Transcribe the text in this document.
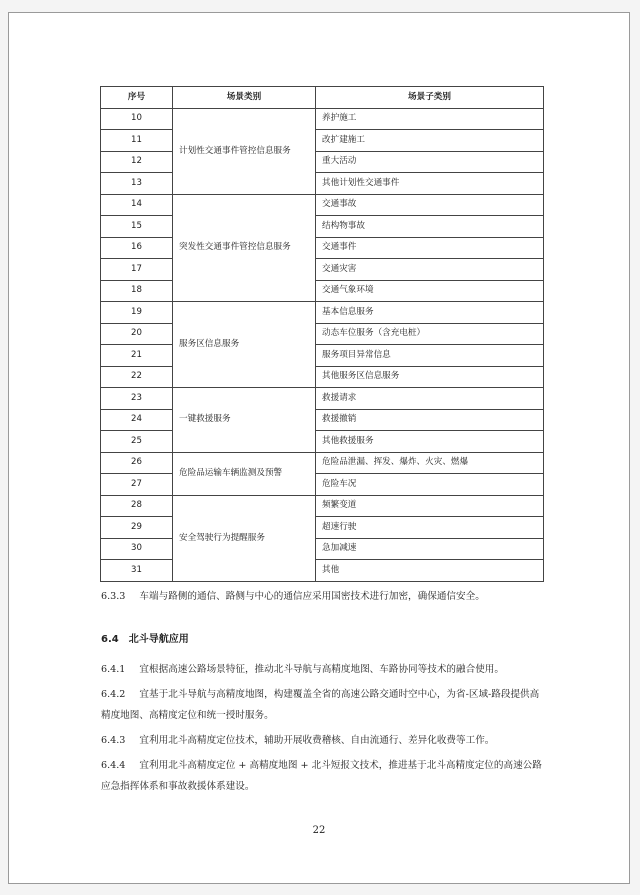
序号	场景类别	场景子类别
10	计划性交通事件管控信息服务	养护施工
11		改扩建施工
12		重大活动
13		其他计划性交通事件
14	突发性交通事件管控信息服务	交通事故
15		结构物事故
16		交通事件
17		交通灾害
18		交通气象环境
19	服务区信息服务	基本信息服务
20		动态车位服务（含充电桩）
21		服务项目异常信息
22		其他服务区信息服务
23	一键救援服务	救援请求
24		救援撤销
25		其他救援服务
26	危险品运输车辆监测及预警	危险品泄漏、挥发、爆炸、火灾、燃爆
27		危险车况
28	安全驾驶行为提醒服务	频繁变道
29		超速行驶
30		急加减速
31		其他
6.3.3 车端与路侧的通信、路侧与中心的通信应采用国密技术进行加密，确保通信安全。
6.4 北斗导航应用
6.4.1 宜根据高速公路场景特征，推动北斗导航与高精度地图、车路协同等技术的融合使用。
6.4.2 宜基于北斗导航与高精度地图，构建覆盖全省的高速公路交通时空中心，为省-区域-路段提供高精度地图、高精度定位和统一授时服务。
6.4.3 宜利用北斗高精度定位技术，辅助开展收费稽核、自由流通行、差异化收费等工作。
6.4.4 宜利用北斗高精度定位 + 高精度地图 + 北斗短报文技术，推进基于北斗高精度定位的高速公路应急指挥体系和事故救援体系建设。
22
